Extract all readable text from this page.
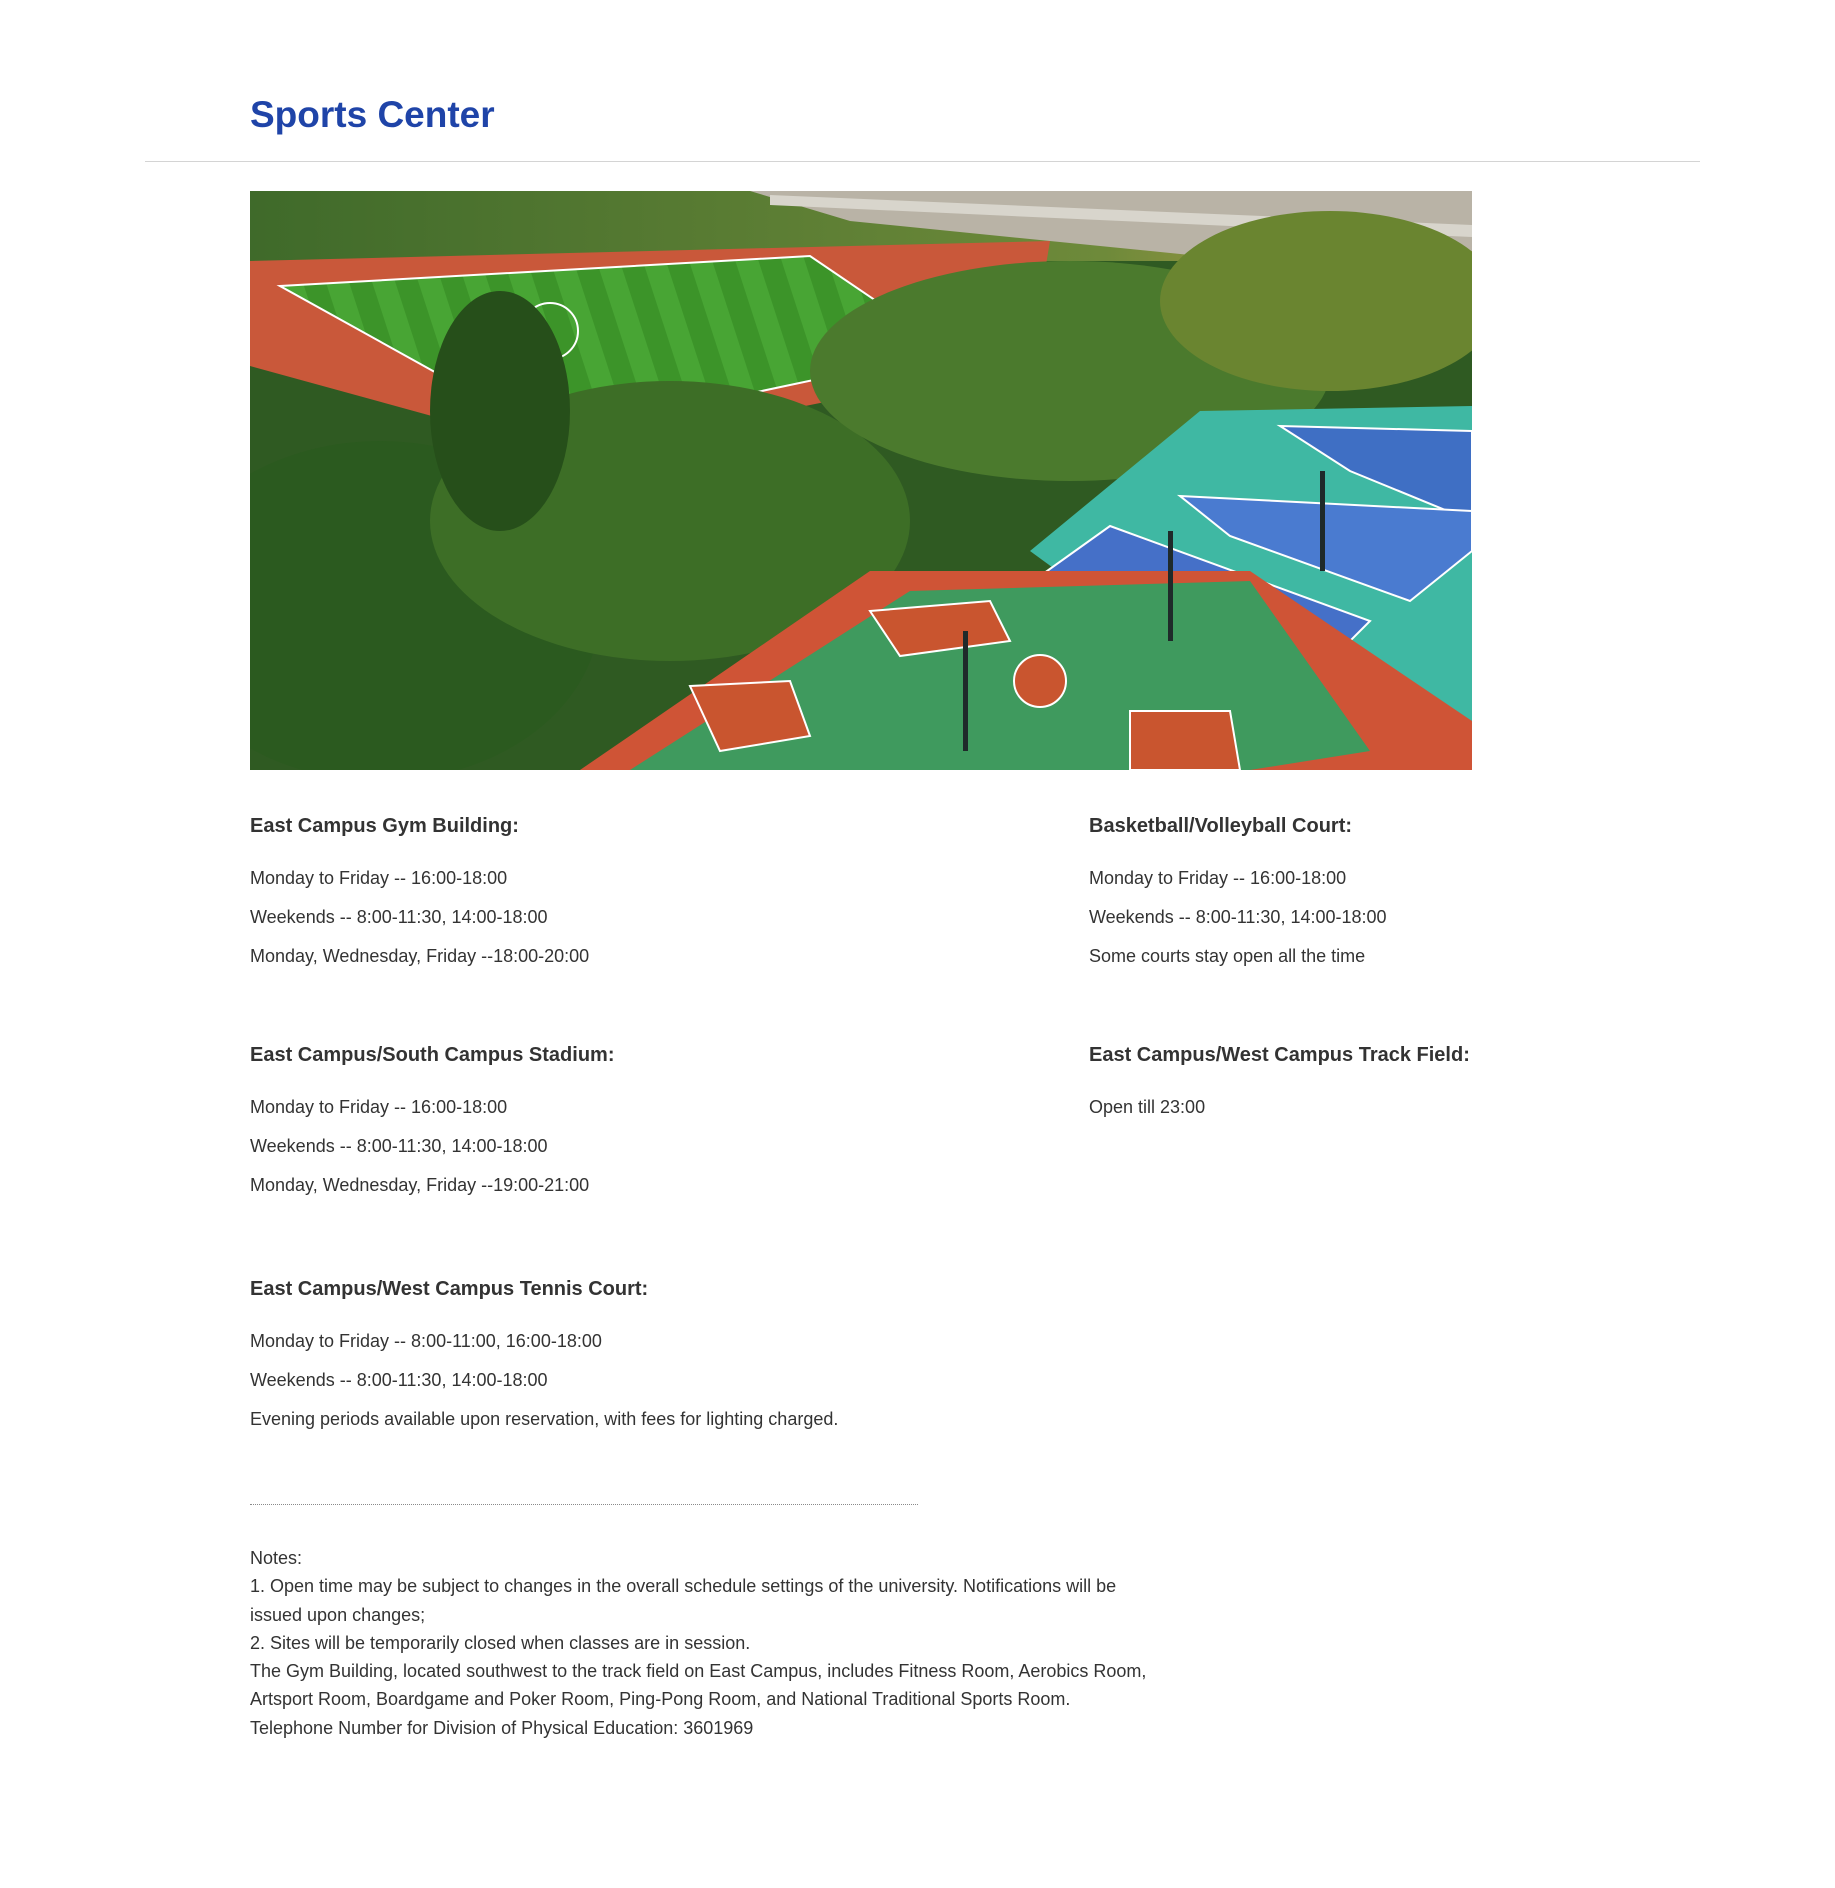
Sports Center
East Campus Gym Building:
Monday to Friday -- 16:00-18:00
Weekends -- 8:00-11:30, 14:00-18:00
Monday, Wednesday, Friday --18:00-20:00
Basketball/Volleyball Court:
Monday to Friday -- 16:00-18:00
Weekends -- 8:00-11:30, 14:00-18:00
Some courts stay open all the time
East Campus/South Campus Stadium:
Monday to Friday -- 16:00-18:00
Weekends -- 8:00-11:30, 14:00-18:00
Monday, Wednesday, Friday --19:00-21:00
East Campus/West Campus Track Field:
Open till 23:00
East Campus/West Campus Tennis Court:
Monday to Friday -- 8:00-11:00, 16:00-18:00
Weekends -- 8:00-11:30, 14:00-18:00
Evening periods available upon reservation, with fees for lighting charged.
Notes:
1. Open time may be subject to changes in the overall schedule settings of the university. Notifications will be issued upon changes;
2. Sites will be temporarily closed when classes are in session.
The Gym Building, located southwest to the track field on East Campus, includes Fitness Room, Aerobics Room, Artsport Room, Boardgame and Poker Room, Ping-Pong Room, and National Traditional Sports Room.
Telephone Number for Division of Physical Education: 3601969
